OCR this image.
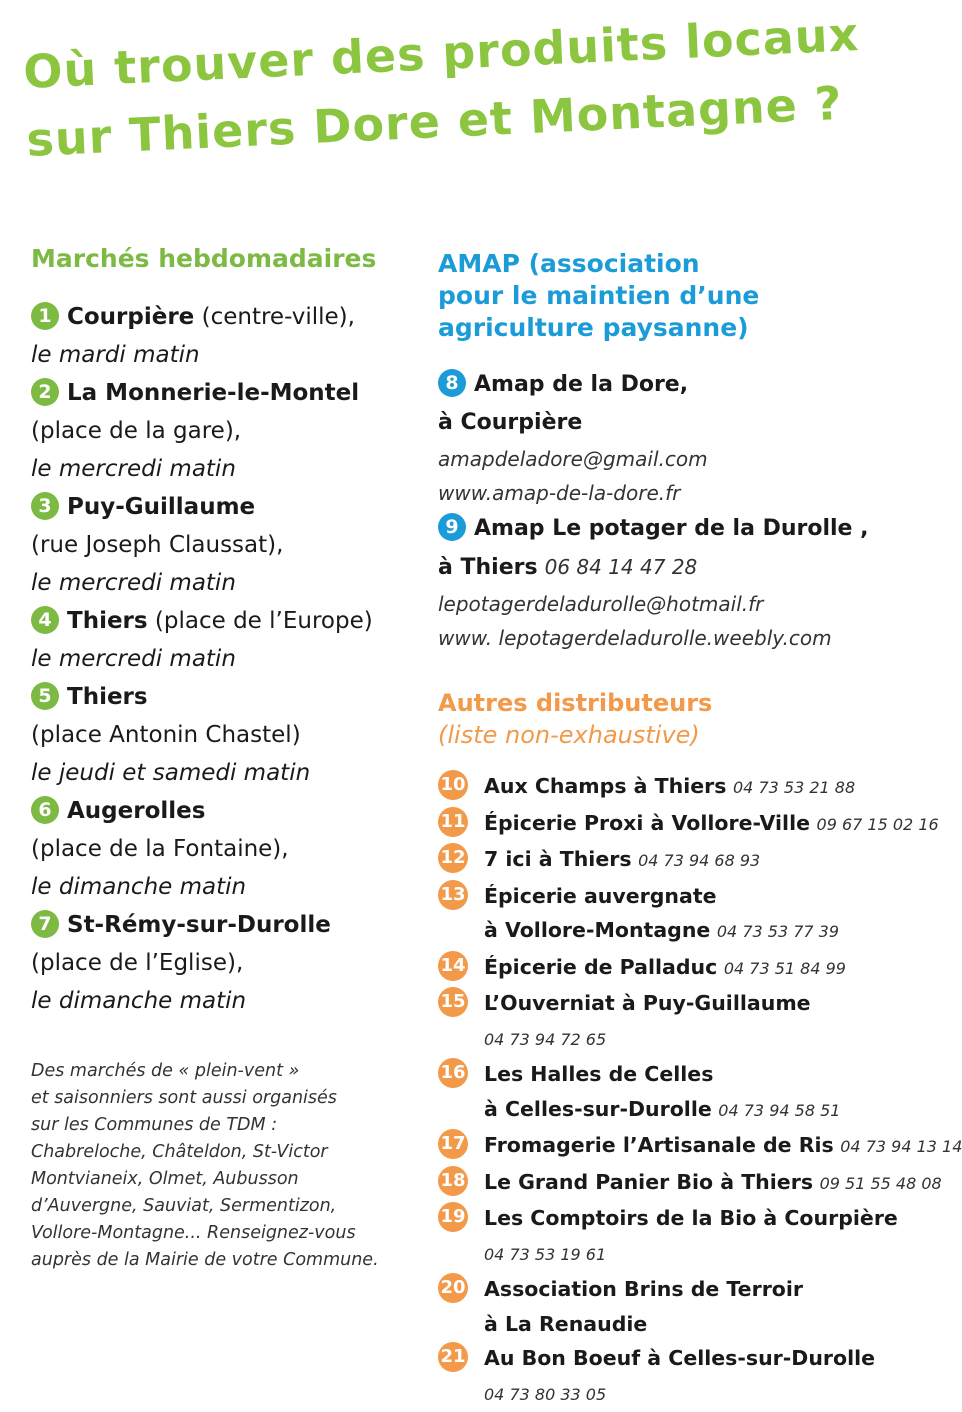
Où trouver des produits locaux
sur Thiers Dore et Montagne ?
Marchés hebdomadaires
1 Courpière (centre-ville),
le mardi matin
2 La Monnerie-le-Montel
(place de la gare),
le mercredi matin
3 Puy-Guillaume
(rue Joseph Claussat),
le mercredi matin
4 Thiers (place de l’Europe)
le mercredi matin
5 Thiers
(place Antonin Chastel)
le jeudi et samedi matin
6 Augerolles
(place de la Fontaine),
le dimanche matin
7 St-Rémy-sur-Durolle
(place de l’Eglise),
le dimanche matin
Des marchés de « plein-vent »
et saisonniers sont aussi organisés
sur les Communes de TDM :
Chabreloche, Châteldon, St-Victor
Montvianeix, Olmet, Aubusson
d’Auvergne, Sauviat, Sermentizon,
Vollore-Montagne... Renseignez-vous
auprès de la Mairie de votre Commune.
AMAP (association
pour le maintien d’une
agriculture paysanne)
8 Amap de la Dore,
à Courpière
amapdeladore@gmail.com
www.amap-de-la-dore.fr
9 Amap Le potager de la Durolle ,
à Thiers 06 84 14 47 28
lepotagerdeladurolle@hotmail.fr
www. lepotagerdeladurolle.weebly.com
Autres distributeurs
(liste non-exhaustive)
10 Aux Champs à Thiers 04 73 53 21 88
11 Épicerie Proxi à Vollore-Ville 09 67 15 02 16
12 7 ici à Thiers 04 73 94 68 93
13 Épicerie auvergnate
à Vollore-Montagne 04 73 53 77 39
14 Épicerie de Palladuc 04 73 51 84 99
15 L’Ouverniat à Puy-Guillaume
04 73 94 72 65
16 Les Halles de Celles
à Celles-sur-Durolle 04 73 94 58 51
17 Fromagerie l’Artisanale de Ris 04 73 94 13 14
18 Le Grand Panier Bio à Thiers 09 51 55 48 08
19 Les Comptoirs de la Bio à Courpière
04 73 53 19 61
20 Association Brins de Terroir
à La Renaudie
21 Au Bon Boeuf à Celles-sur-Durolle
04 73 80 33 05
